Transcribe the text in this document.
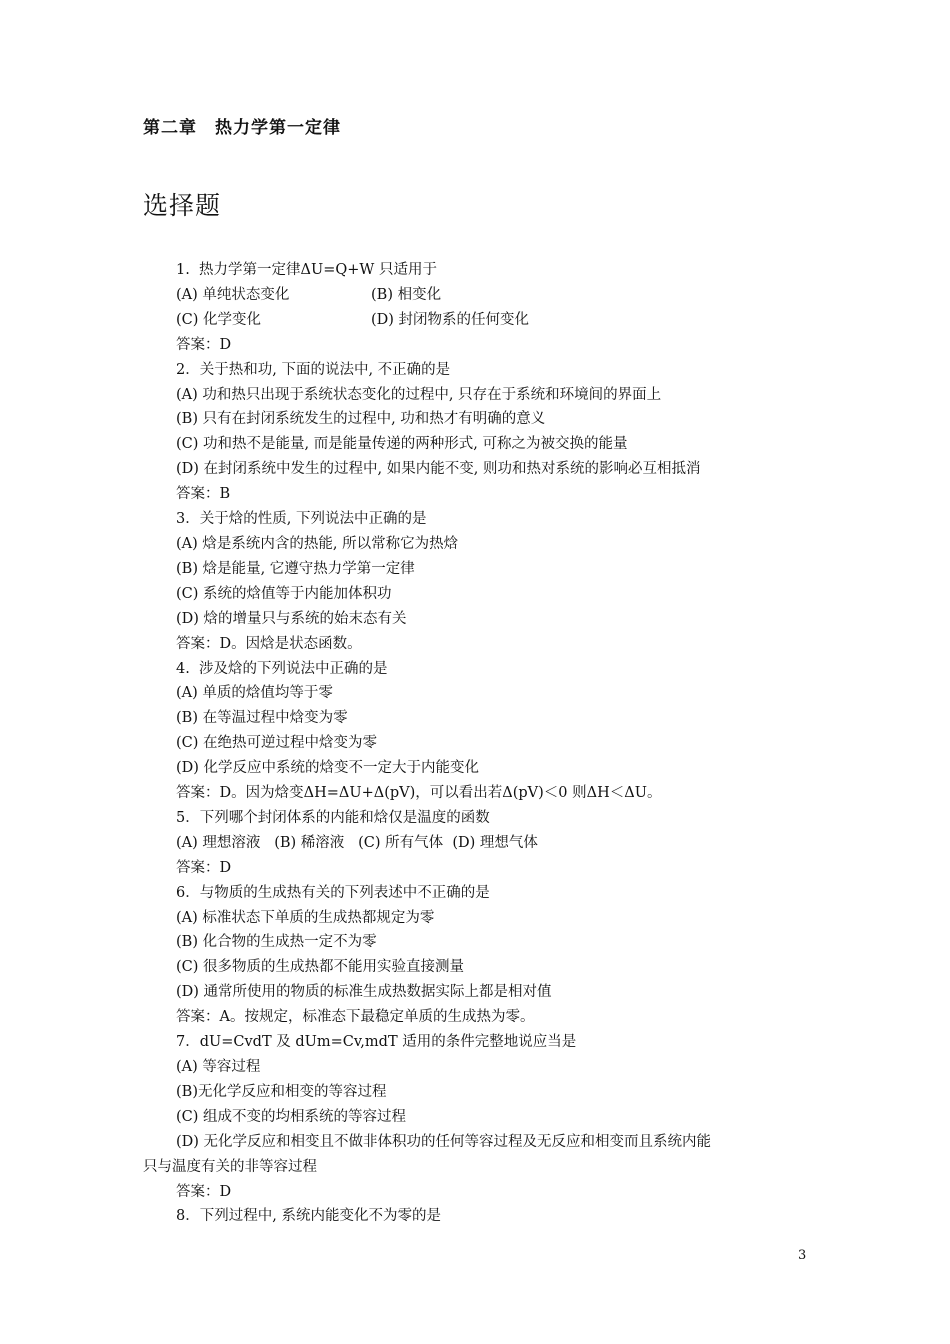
第二章　热力学第一定律
选择题
1.  热力学第一定律ΔU=Q+W 只适用于
(A) 单纯状态变化	(B) 相变化
(C) 化学变化	(D) 封闭物系的任何变化
答案：D
2．关于热和功, 下面的说法中, 不正确的是
(A) 功和热只出现于系统状态变化的过程中, 只存在于系统和环境间的界面上
(B) 只有在封闭系统发生的过程中, 功和热才有明确的意义
(C) 功和热不是能量, 而是能量传递的两种形式, 可称之为被交换的能量
(D) 在封闭系统中发生的过程中, 如果内能不变, 则功和热对系统的影响必互相抵消
答案：B
3．关于焓的性质, 下列说法中正确的是
(A) 焓是系统内含的热能, 所以常称它为热焓
(B) 焓是能量, 它遵守热力学第一定律
(C) 系统的焓值等于内能加体积功
(D) 焓的增量只与系统的始末态有关
答案：D。因焓是状态函数。
4.  涉及焓的下列说法中正确的是
(A) 单质的焓值均等于零
(B) 在等温过程中焓变为零
(C) 在绝热可逆过程中焓变为零
(D) 化学反应中系统的焓变不一定大于内能变化
答案：D。因为焓变ΔH=ΔU+Δ(pV)，可以看出若Δ(pV)＜0 则ΔH＜ΔU。
5．下列哪个封闭体系的内能和焓仅是温度的函数
(A) 理想溶液   (B) 稀溶液   (C) 所有气体  (D) 理想气体
答案：D
6．与物质的生成热有关的下列表述中不正确的是
(A) 标准状态下单质的生成热都规定为零
(B) 化合物的生成热一定不为零
(C) 很多物质的生成热都不能用实验直接测量
(D) 通常所使用的物质的标准生成热数据实际上都是相对值
答案：A。按规定，标准态下最稳定单质的生成热为零。
7．dU=CvdT 及 dUm=Cv,mdT 适用的条件完整地说应当是
(A) 等容过程
(B)无化学反应和相变的等容过程
(C) 组成不变的均相系统的等容过程
(D) 无化学反应和相变且不做非体积功的任何等容过程及无反应和相变而且系统内能
只与温度有关的非等容过程
答案：D
8．下列过程中, 系统内能变化不为零的是
3
